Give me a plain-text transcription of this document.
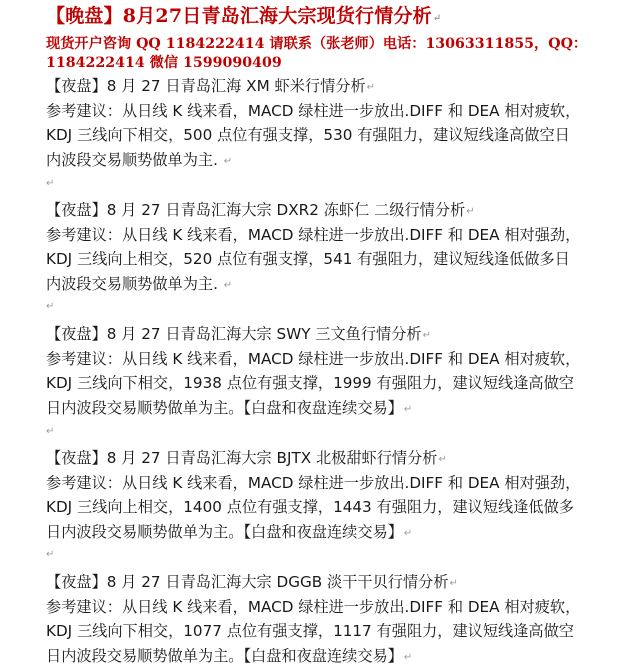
【晚盘】8月27日青岛汇海大宗现货行情分析↵
现货开户咨询 QQ 1184222414 请联系（张老师）电话：13063311855，QQ：
1184222414 微信 1599090409
【夜盘】8 月 27 日青岛汇海 XM 虾米行情分析↵
参考建议：从日线 K 线来看，MACD 绿柱进一步放出.DIFF 和 DEA 相对疲软，
KDJ 三线向下相交，500 点位有强支撑，530 有强阻力，建议短线逢高做空日
内波段交易顺势做单为主. ↵
↵
【夜盘】8 月 27 日青岛汇海大宗 DXR2 冻虾仁 二级行情分析↵
参考建议：从日线 K 线来看，MACD 绿柱进一步放出.DIFF 和 DEA 相对强劲，
KDJ 三线向上相交，520 点位有强支撑，541 有强阻力，建议短线逢低做多日
内波段交易顺势做单为主. ↵
↵
【夜盘】8 月 27 日青岛汇海大宗 SWY 三文鱼行情分析↵
参考建议：从日线 K 线来看，MACD 绿柱进一步放出.DIFF 和 DEA 相对疲软，
KDJ 三线向下相交，1938 点位有强支撑，1999 有强阻力，建议短线逢高做空
日内波段交易顺势做单为主。【白盘和夜盘连续交易】↵
↵
【夜盘】8 月 27 日青岛汇海大宗 BJTX 北极甜虾行情分析↵
参考建议：从日线 K 线来看，MACD 绿柱进一步放出.DIFF 和 DEA 相对强劲，
KDJ 三线向上相交，1400 点位有强支撑，1443 有强阻力，建议短线逢低做多
日内波段交易顺势做单为主。【白盘和夜盘连续交易】↵
↵
【夜盘】8 月 27 日青岛汇海大宗 DGGB 淡干干贝行情分析↵
参考建议：从日线 K 线来看，MACD 绿柱进一步放出.DIFF 和 DEA 相对疲软，
KDJ 三线向下相交，1077 点位有强支撑，1117 有强阻力，建议短线逢高做空
日内波段交易顺势做单为主。【白盘和夜盘连续交易】↵
